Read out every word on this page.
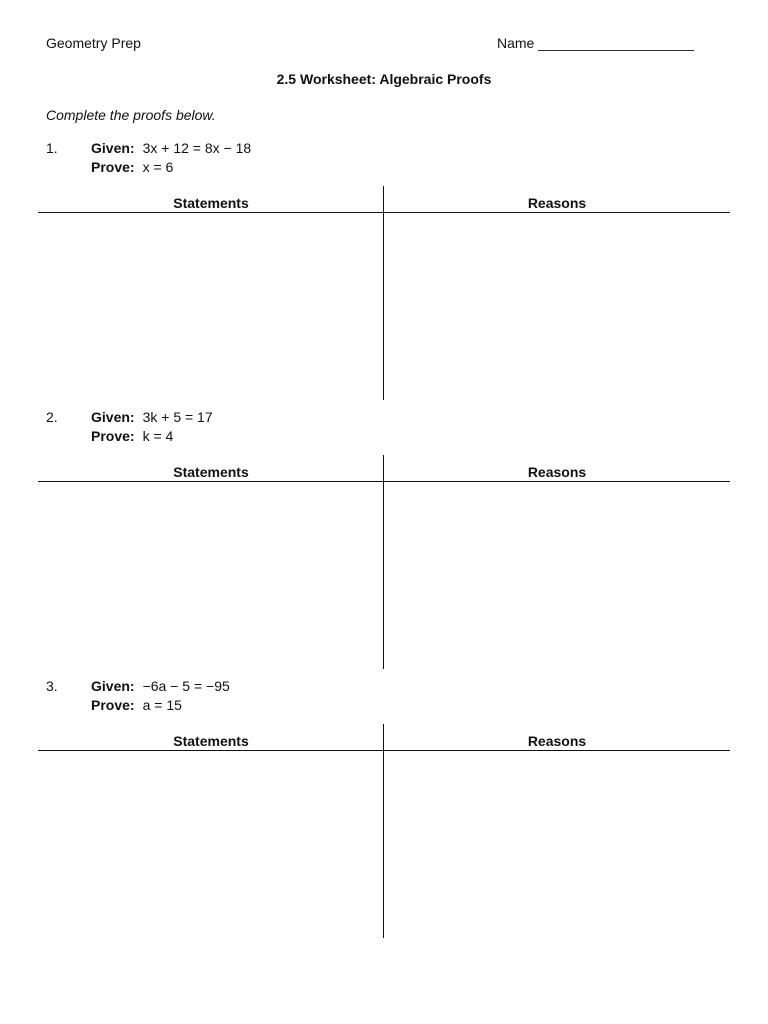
Geometry Prep	Name ____________________
2.5 Worksheet: Algebraic Proofs
Complete the proofs below.
1. Given: 3x + 12 = 8x − 18
Prove: x = 6
Statements	Reasons
2. Given: 3k + 5 = 17
Prove: k = 4
Statements	Reasons
3. Given: −6a − 5 = −95
Prove: a = 15
Statements	Reasons
